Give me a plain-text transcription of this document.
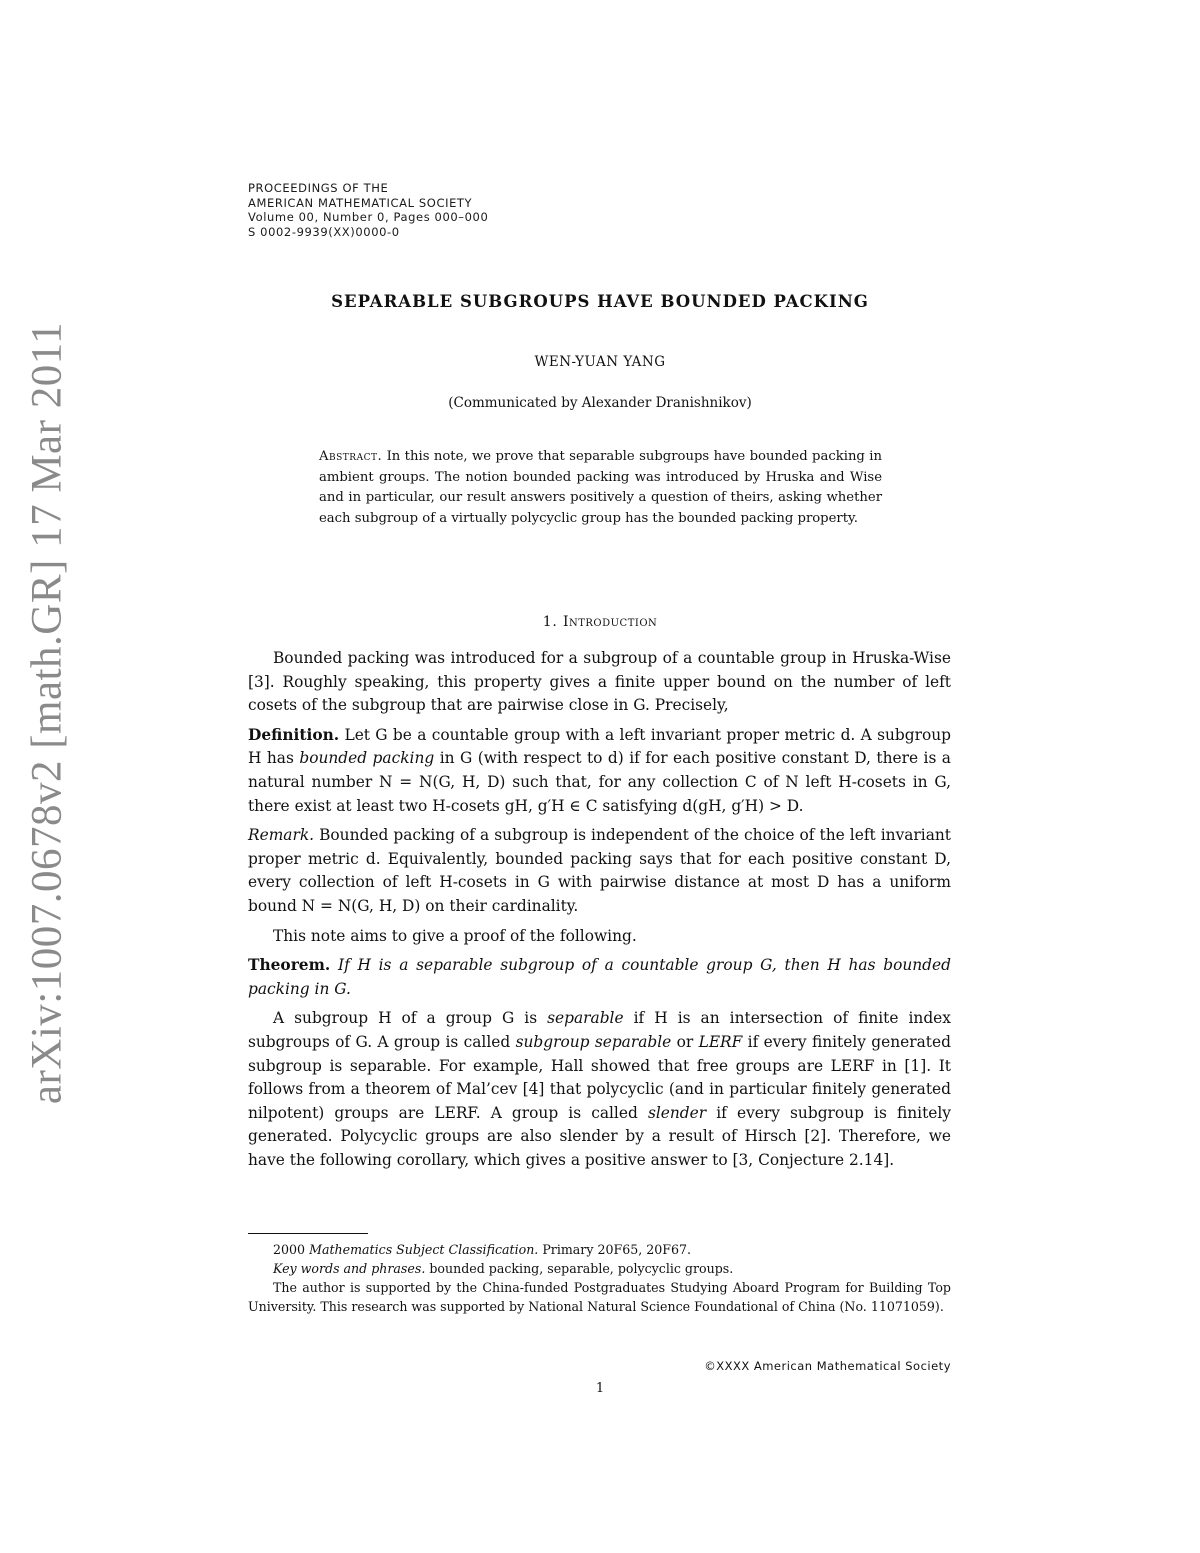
arXiv:1007.0678v2 [math.GR] 17 Mar 2011
PROCEEDINGS OF THE
AMERICAN MATHEMATICAL SOCIETY
Volume 00, Number 0, Pages 000–000
S 0002-9939(XX)0000-0
SEPARABLE SUBGROUPS HAVE BOUNDED PACKING
WEN-YUAN YANG
(Communicated by Alexander Dranishnikov)
Abstract. In this note, we prove that separable subgroups have bounded packing in ambient groups. The notion bounded packing was introduced by Hruska and Wise and in particular, our result answers positively a question of theirs, asking whether each subgroup of a virtually polycyclic group has the bounded packing property.
1. Introduction

Bounded packing was introduced for a subgroup of a countable group in Hruska-Wise [3]. Roughly speaking, this property gives a finite upper bound on the number of left cosets of the subgroup that are pairwise close in G. Precisely,

Definition. Let G be a countable group with a left invariant proper metric d. A subgroup H has bounded packing in G (with respect to d) if for each positive constant D, there is a natural number N = N(G, H, D) such that, for any collection C of N left H-cosets in G, there exist at least two H-cosets gH, g′H ∈ C satisfying d(gH, g′H) > D.

Remark. Bounded packing of a subgroup is independent of the choice of the left invariant proper metric d. Equivalently, bounded packing says that for each positive constant D, every collection of left H-cosets in G with pairwise distance at most D has a uniform bound N = N(G, H, D) on their cardinality.

This note aims to give a proof of the following.

Theorem. If H is a separable subgroup of a countable group G, then H has bounded packing in G.

A subgroup H of a group G is separable if H is an intersection of finite index subgroups of G. A group is called subgroup separable or LERF if every finitely generated subgroup is separable. For example, Hall showed that free groups are LERF in [1]. It follows from a theorem of Mal’cev [4] that polycyclic (and in particular finitely generated nilpotent) groups are LERF. A group is called slender if every subgroup is finitely generated. Polycyclic groups are also slender by a result of Hirsch [2]. Therefore, we have the following corollary, which gives a positive answer to [3, Conjecture 2.14].

2000 Mathematics Subject Classification. Primary 20F65, 20F67.

Key words and phrases. bounded packing, separable, polycyclic groups.

The author is supported by the China-funded Postgraduates Studying Aboard Program for Building Top University. This research was supported by National Natural Science Foundational of China (No. 11071059).

©XXXX American Mathematical Society
1
